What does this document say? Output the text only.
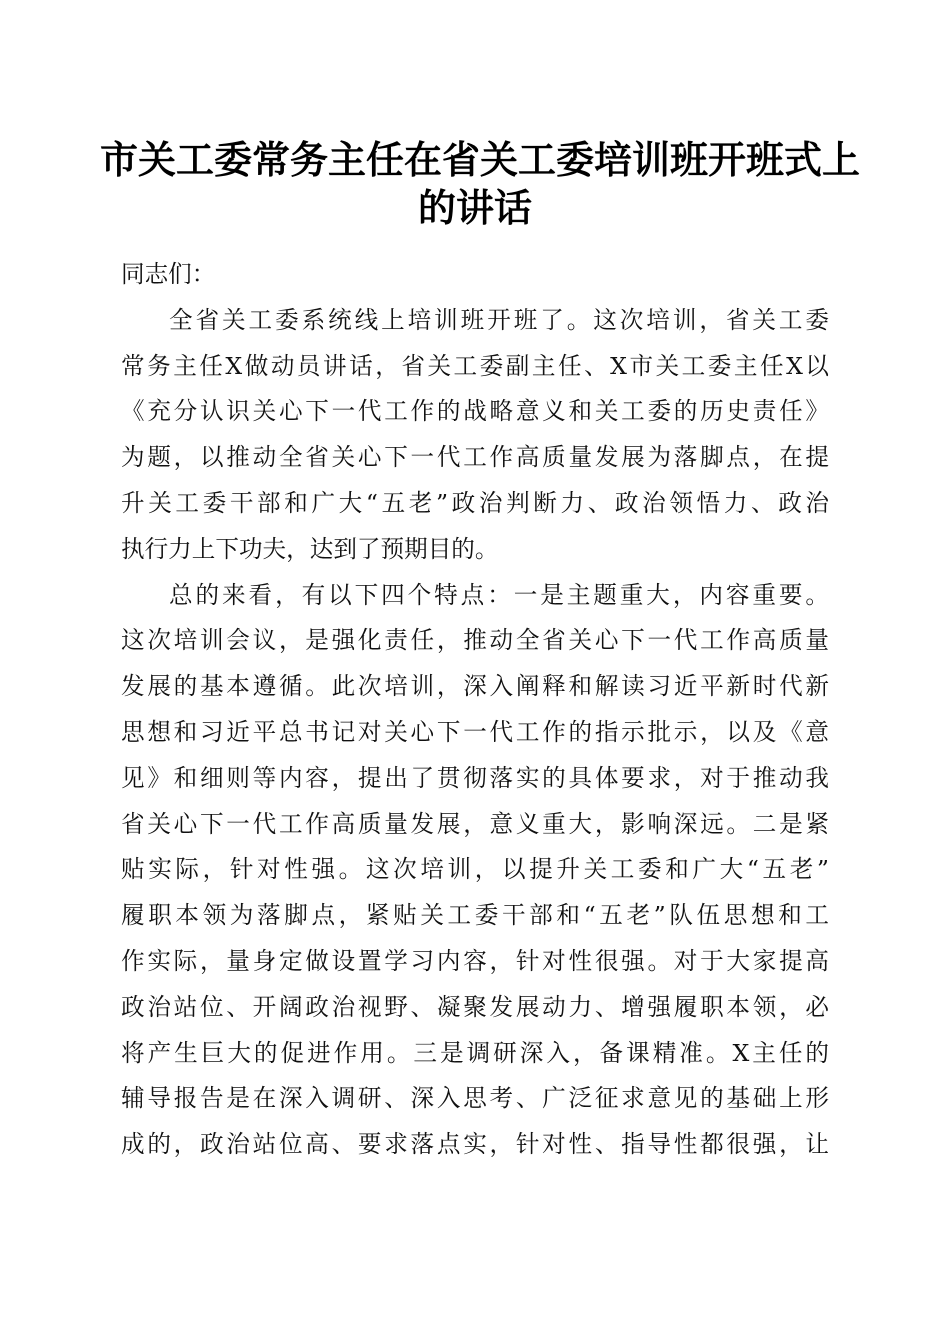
市关工委常务主任在省关工委培训班开班式上
的讲话
同志们：
全省关工委系统线上培训班开班了。这次培训，省关工委
常务主任X做动员讲话，省关工委副主任、X市关工委主任X以
《充分认识关心下一代工作的战略意义和关工委的历史责任》
为题，以推动全省关心下一代工作高质量发展为落脚点，在提
升关工委干部和广大“五老”政治判断力、政治领悟力、政治
执行力上下功夫，达到了预期目的。
总的来看，有以下四个特点：一是主题重大，内容重要。
这次培训会议，是强化责任，推动全省关心下一代工作高质量
发展的基本遵循。此次培训，深入阐释和解读习近平新时代新
思想和习近平总书记对关心下一代工作的指示批示，以及《意
见》和细则等内容，提出了贯彻落实的具体要求，对于推动我
省关心下一代工作高质量发展，意义重大，影响深远。二是紧
贴实际，针对性强。这次培训，以提升关工委和广大“五老”
履职本领为落脚点，紧贴关工委干部和“五老”队伍思想和工
作实际，量身定做设置学习内容，针对性很强。对于大家提高
政治站位、开阔政治视野、凝聚发展动力、增强履职本领，必
将产生巨大的促进作用。三是调研深入，备课精准。X主任的
辅导报告是在深入调研、深入思考、广泛征求意见的基础上形
成的，政治站位高、要求落点实，针对性、指导性都很强，让
